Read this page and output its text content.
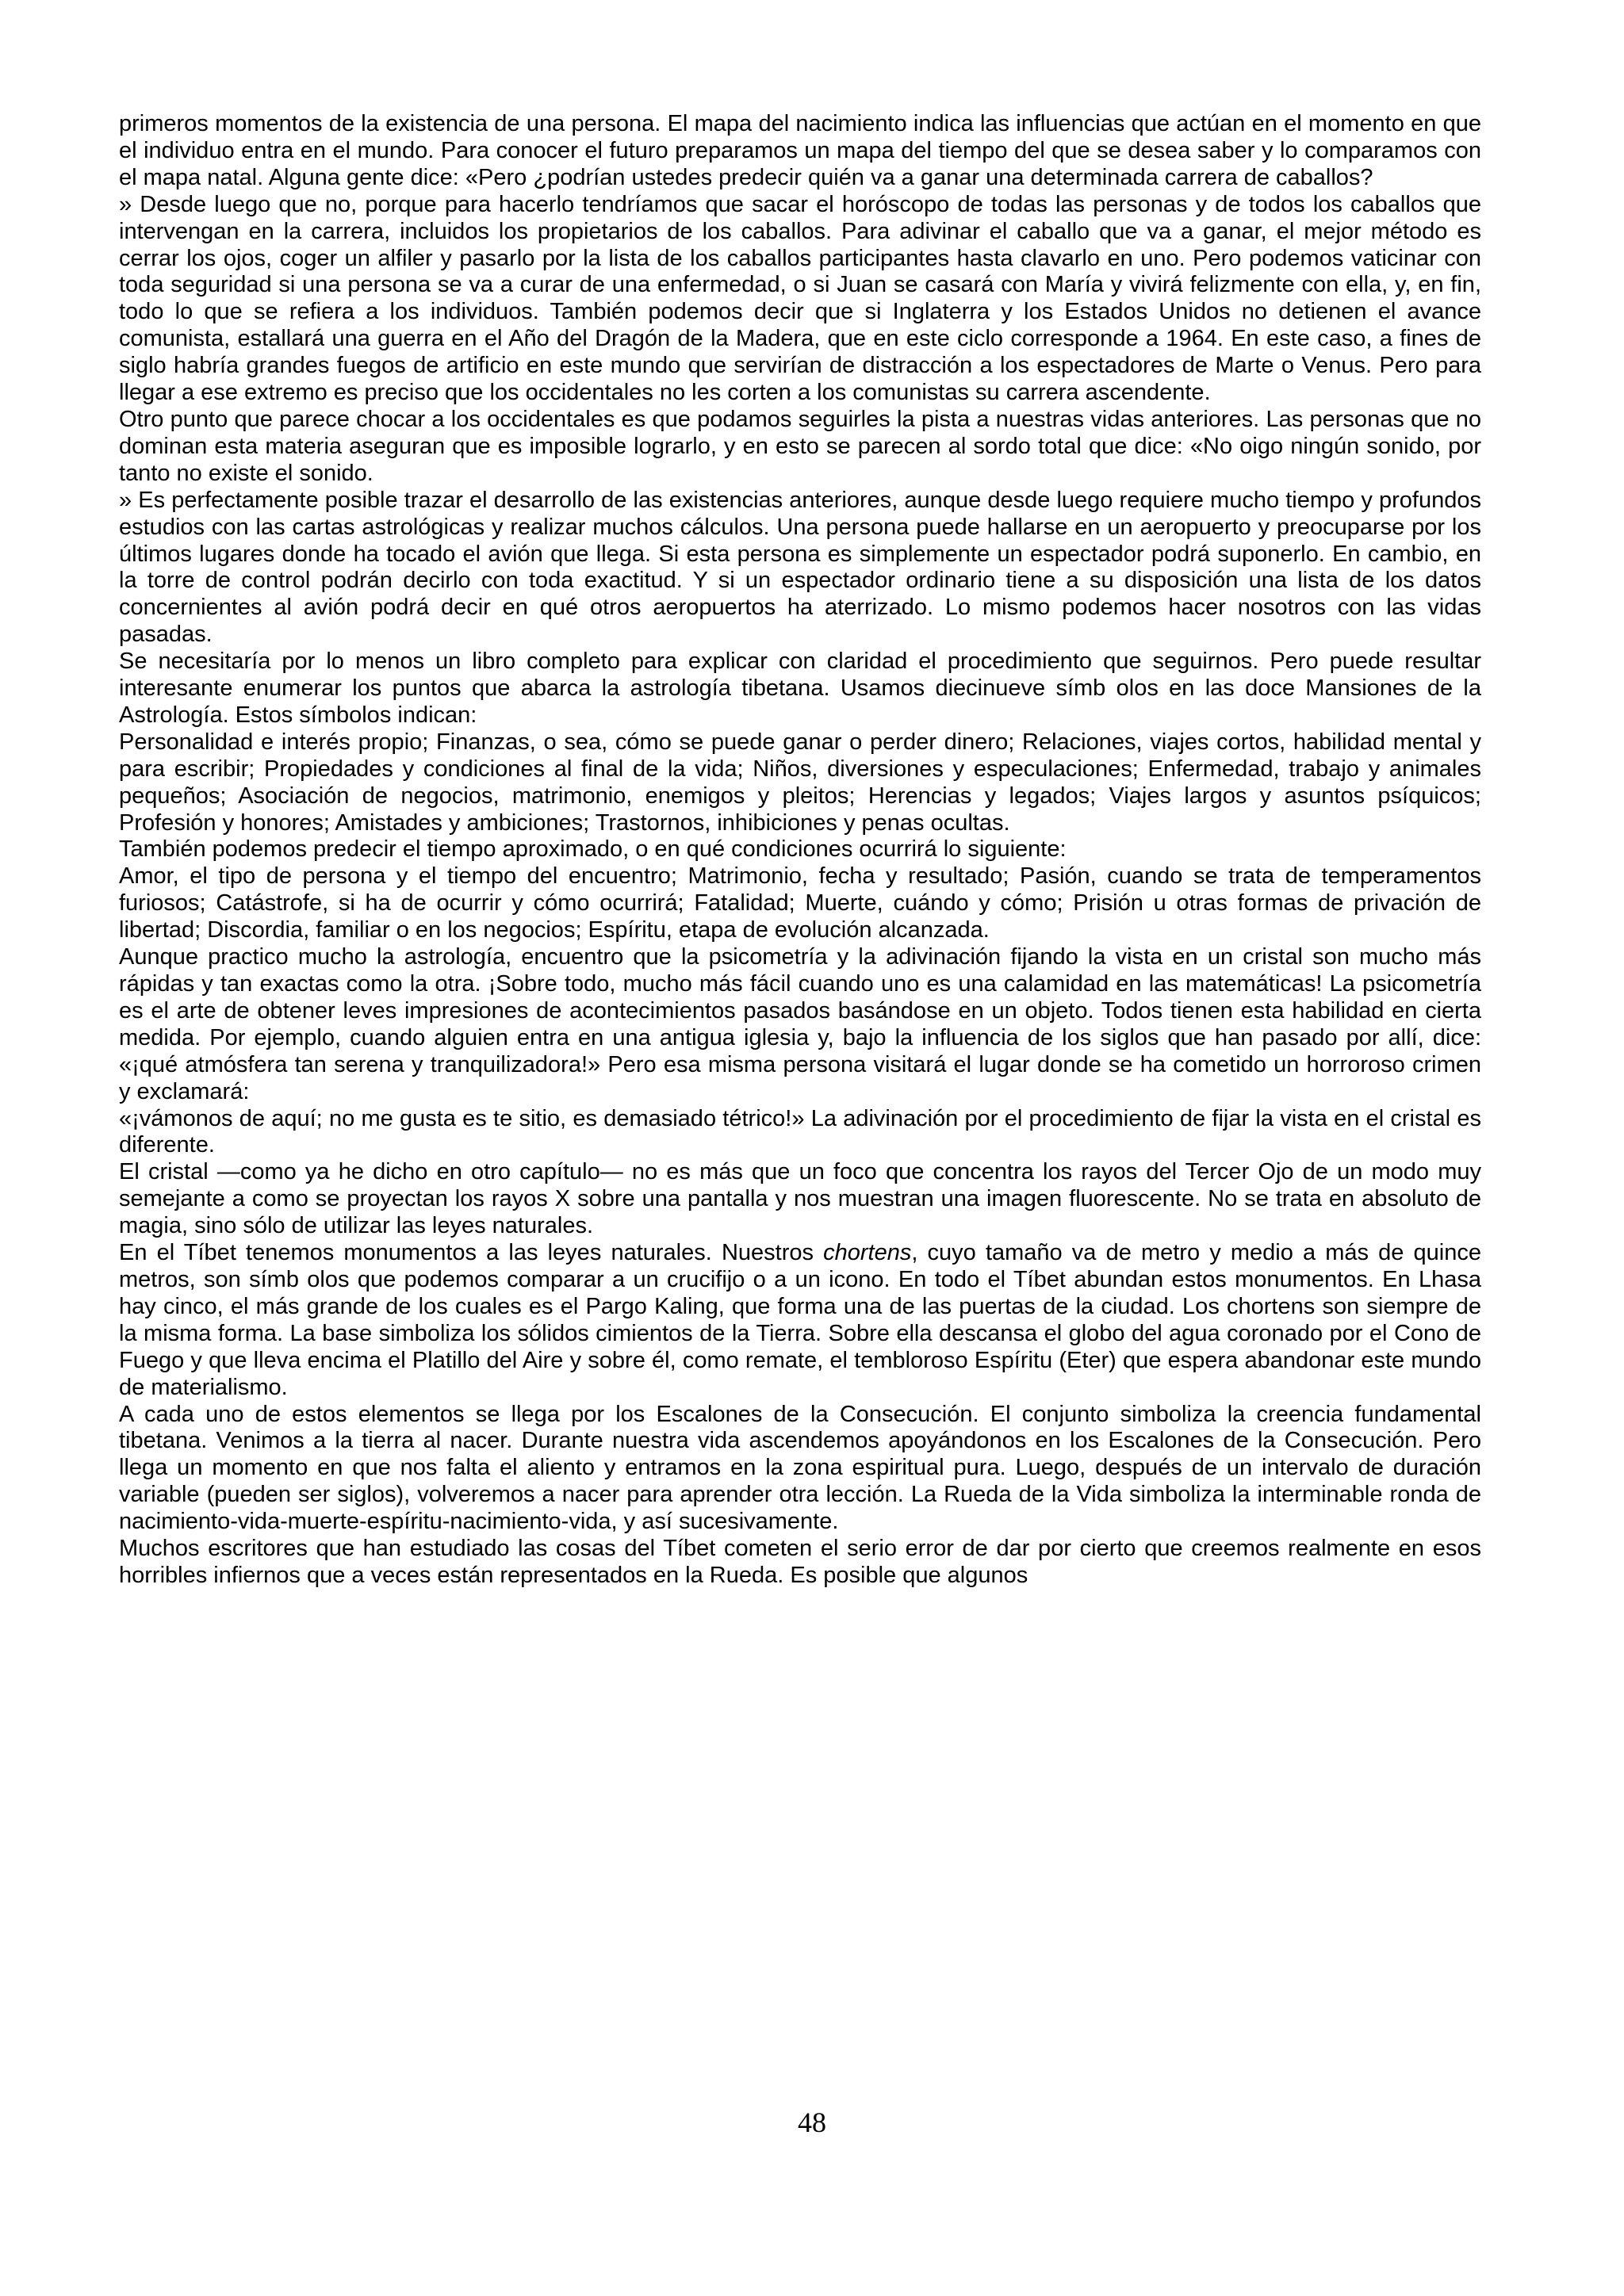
primeros momentos de la existencia de una persona. El mapa del nacimiento indica las influencias que actúan en el momento en que el individuo entra en el mundo. Para conocer el futuro preparamos un mapa del tiempo del que se desea saber y lo comparamos con el mapa natal. Alguna gente dice: «Pero ¿podrían ustedes predecir quién va a ganar una determinada carrera de caballos?

» Desde luego que no, porque para hacerlo tendríamos que sacar el horóscopo de todas las personas y de todos los caballos que intervengan en la carrera, incluidos los propietarios de los caballos. Para adivinar el caballo que va a ganar, el mejor método es cerrar los ojos, coger un alfiler y pasarlo por la lista de los caballos participantes hasta clavarlo en uno. Pero podemos vaticinar con toda seguridad si una persona se va a curar de una enfermedad, o si Juan se casará con María y vivirá felizmente con ella, y, en fin, todo lo que se refiera a los individuos. También podemos decir que si Inglaterra y los Estados Unidos no detienen el avance comunista, estallará una guerra en el Año del Dragón de la Madera, que en este ciclo corresponde a 1964. En este caso, a fines de siglo habría grandes fuegos de artificio en este mundo que servirían de distracción a los espectadores de Marte o Venus. Pero para llegar a ese extremo es preciso que los occidentales no les corten a los comunistas su carrera ascendente.

Otro punto que parece chocar a los occidentales es que podamos seguirles la pista a nuestras vidas anteriores. Las personas que no dominan esta materia aseguran que es imposible lograrlo, y en esto se parecen al sordo total que dice: «No oigo ningún sonido, por tanto no existe el sonido.

» Es perfectamente posible trazar el desarrollo de las existencias anteriores, aunque desde luego requiere mucho tiempo y profundos estudios con las cartas astrológicas y realizar muchos cálculos. Una persona puede hallarse en un aeropuerto y preocuparse por los últimos lugares donde ha tocado el avión que llega. Si esta persona es simplemente un espectador podrá suponerlo. En cambio, en la torre de control podrán decirlo con toda exactitud. Y si un espectador ordinario tiene a su disposición una lista de los datos concernientes al avión podrá decir en qué otros aeropuertos ha aterrizado. Lo mismo podemos hacer nosotros con las vidas pasadas.

Se necesitaría por lo menos un libro completo para explicar con claridad el procedimiento que seguirnos. Pero puede resultar interesante enumerar los puntos que abarca la astrología tibetana. Usamos diecinueve símb olos en las doce Mansiones de la Astrología. Estos símbolos indican:

Personalidad e interés propio; Finanzas, o sea, cómo se puede ganar o perder dinero; Relaciones, viajes cortos, habilidad mental y para escribir; Propiedades y condiciones al final de la vida; Niños, diversiones y especulaciones; Enfermedad, trabajo y animales pequeños; Asociación de negocios, matrimonio, enemigos y pleitos; Herencias y legados; Viajes largos y asuntos psíquicos; Profesión y honores; Amistades y ambiciones; Trastornos, inhibiciones y penas ocultas.

También podemos predecir el tiempo aproximado, o en qué condiciones ocurrirá lo siguiente:

Amor, el tipo de persona y el tiempo del encuentro; Matrimonio, fecha y resultado; Pasión, cuando se trata de temperamentos furiosos; Catástrofe, si ha de ocurrir y cómo ocurrirá; Fatalidad; Muerte, cuándo y cómo; Prisión u otras formas de privación de libertad; Discordia, familiar o en los negocios; Espíritu, etapa de evolución alcanzada.

Aunque practico mucho la astrología, encuentro que la psicometría y la adivinación fijando la vista en un cristal son mucho más rápidas y tan exactas como la otra. ¡Sobre todo, mucho más fácil cuando uno es una calamidad en las matemáticas! La psicometría es el arte de obtener leves impresiones de acontecimientos pasados basándose en un objeto. Todos tienen esta habilidad en cierta medida. Por ejemplo, cuando alguien entra en una antigua iglesia y, bajo la influencia de los siglos que han pasado por allí, dice: «¡qué atmósfera tan serena y tranquilizadora!» Pero esa misma persona visitará el lugar donde se ha cometido un horroroso crimen y exclamará:

«¡vámonos de aquí; no me gusta es te sitio, es demasiado tétrico!» La adivinación por el procedimiento de fijar la vista en el cristal es diferente.

El cristal —como ya he dicho en otro capítulo— no es más que un foco que concentra los rayos del Tercer Ojo de un modo muy semejante a como se proyectan los rayos X sobre una pantalla y nos muestran una imagen fluorescente. No se trata en absoluto de magia, sino sólo de utilizar las leyes naturales.

En el Tíbet tenemos monumentos a las leyes naturales. Nuestros chortens, cuyo tamaño va de metro y medio a más de quince metros, son símb olos que podemos comparar a un crucifijo o a un icono. En todo el Tíbet abundan estos monumentos. En Lhasa hay cinco, el más grande de los cuales es el Pargo Kaling, que forma una de las puertas de la ciudad. Los chortens son siempre de la misma forma. La base simboliza los sólidos cimientos de la Tierra. Sobre ella descansa el globo del agua coronado por el Cono de Fuego y que lleva encima el Platillo del Aire y sobre él, como remate, el tembloroso Espíritu (Eter) que espera abandonar este mundo de materialismo.

A cada uno de estos elementos se llega por los Escalones de la Consecución. El conjunto simboliza la creencia fundamental tibetana. Venimos a la tierra al nacer. Durante nuestra vida ascendemos apoyándonos en los Escalones de la Consecución. Pero llega un momento en que nos falta el aliento y entramos en la zona espiritual pura. Luego, después de un intervalo de duración variable (pueden ser siglos), volveremos a nacer para aprender otra lección. La Rueda de la Vida simboliza la interminable ronda de nacimiento-vida-muerte-espíritu-nacimiento-vida, y así sucesivamente.

Muchos escritores que han estudiado las cosas del Tíbet cometen el serio error de dar por cierto que creemos realmente en esos horribles infiernos que a veces están representados en la Rueda. Es posible que algunos

48
